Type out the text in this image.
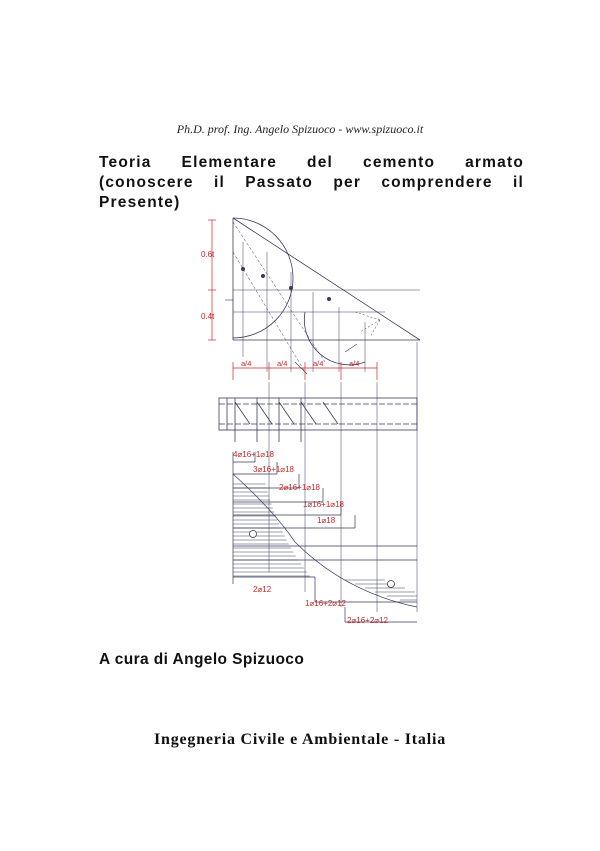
Ph.D. prof. Ing. Angelo Spizuoco - www.spizuoco.it
Teoria Elementare del cemento armato (conoscere il Passato per comprendere il Presente)
0.6t
0.4t
a/4	a/4	a/4	a/4
4⌀16+1⌀18
3⌀16+1⌀18
2⌀16+1⌀18
1⌀16+1⌀18
1⌀18
2⌀12
1⌀16+2⌀12
2⌀16+2⌀12
A cura di Angelo Spizuoco
Ingegneria Civile e Ambientale - Italia
